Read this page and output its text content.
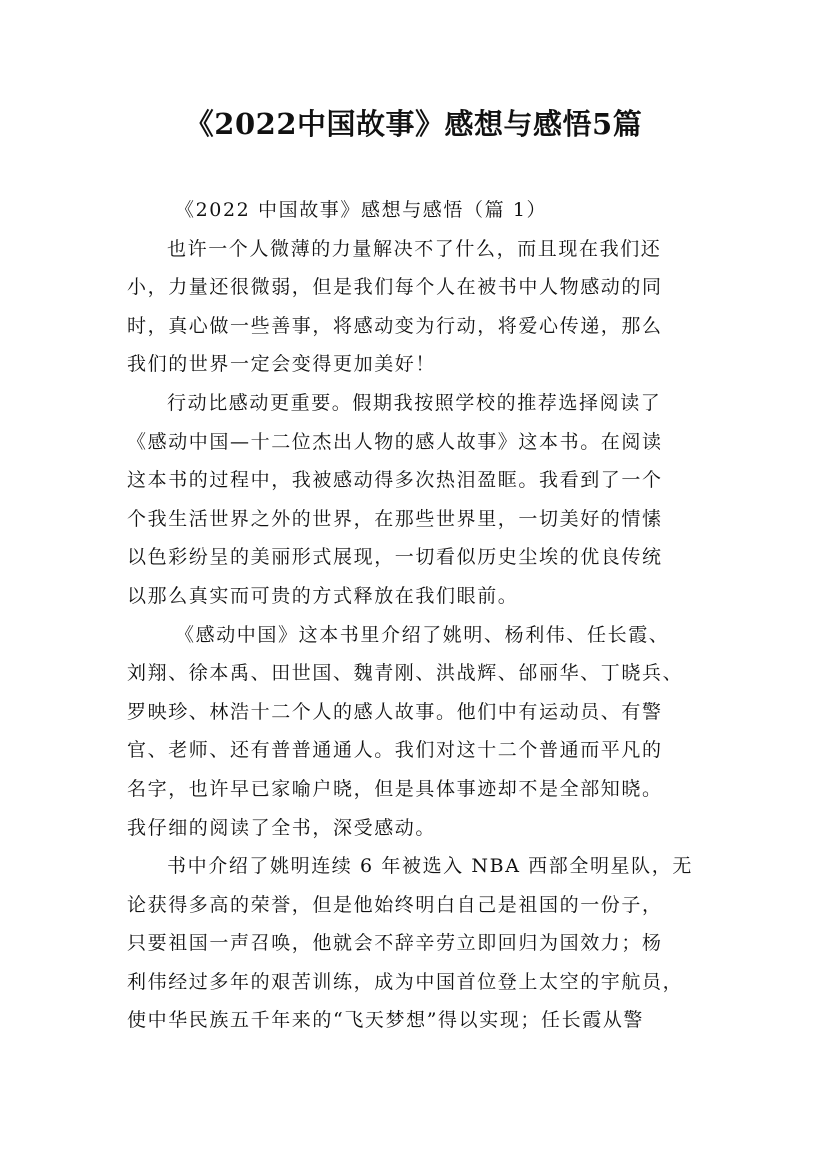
《2022中国故事》感想与感悟5篇

《2022 中国故事》感想与感悟（篇 1）

也许一个人微薄的力量解决不了什么，而且现在我们还

小，力量还很微弱，但是我们每个人在被书中人物感动的同

时，真心做一些善事，将感动变为行动，将爱心传递，那么

我们的世界一定会变得更加美好！

行动比感动更重要。假期我按照学校的推荐选择阅读了

《感动中国—十二位杰出人物的感人故事》这本书。在阅读

这本书的过程中，我被感动得多次热泪盈眶。我看到了一个

个我生活世界之外的世界，在那些世界里，一切美好的情愫

以色彩纷呈的美丽形式展现，一切看似历史尘埃的优良传统

以那么真实而可贵的方式释放在我们眼前。

《感动中国》这本书里介绍了姚明、杨利伟、任长霞、

刘翔、徐本禹、田世国、魏青刚、洪战辉、邰丽华、丁晓兵、

罗映珍、林浩十二个人的感人故事。他们中有运动员、有警

官、老师、还有普普通通人。我们对这十二个普通而平凡的

名字，也许早已家喻户晓，但是具体事迹却不是全部知晓。

我仔细的阅读了全书，深受感动。

书中介绍了姚明连续 6 年被选入 NBA 西部全明星队，无

论获得多高的荣誉，但是他始终明白自己是祖国的一份子，

只要祖国一声召唤，他就会不辞辛劳立即回归为国效力；杨

利伟经过多年的艰苦训练，成为中国首位登上太空的宇航员，

使中华民族五千年来的“飞天梦想”得以实现；任长霞从警
